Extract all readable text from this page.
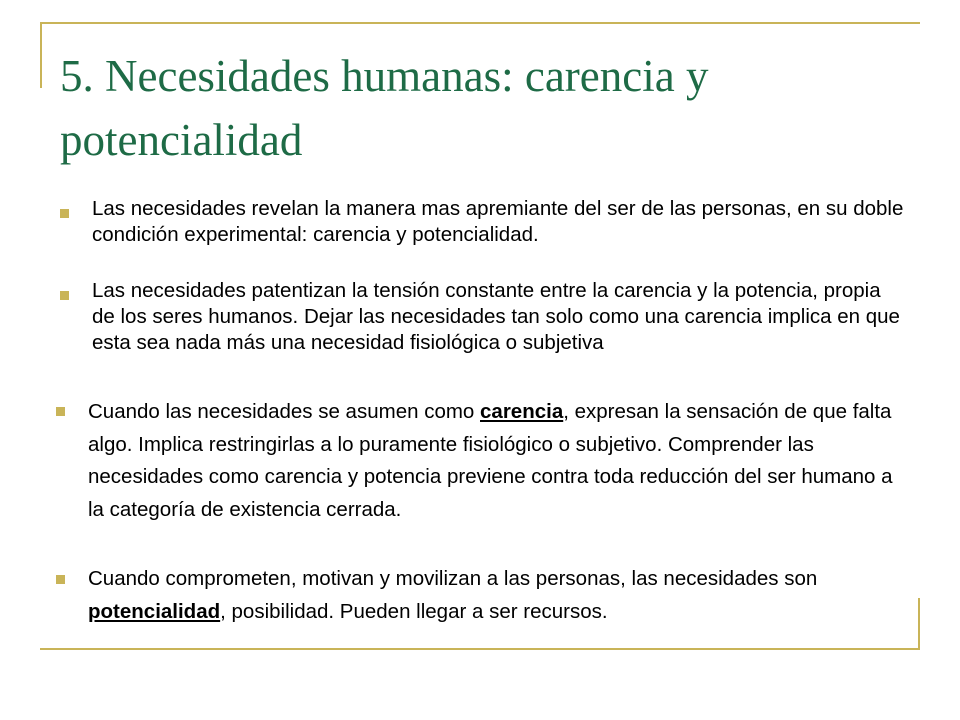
5. Necesidades humanas: carencia y potencialidad
Las necesidades revelan la manera mas apremiante del ser de las personas, en su doble condición experimental: carencia y potencialidad.
Las necesidades patentizan la tensión constante entre la carencia y la potencia, propia de los seres humanos. Dejar las necesidades tan solo como una carencia implica en que esta sea nada más una necesidad fisiológica o subjetiva
Cuando las necesidades se asumen como carencia, expresan la sensación de que falta algo. Implica restringirlas a lo puramente fisiológico o subjetivo. Comprender las necesidades como carencia y potencia previene contra toda reducción del ser humano a la categoría de existencia cerrada.
Cuando comprometen, motivan y movilizan a las personas, las necesidades son potencialidad, posibilidad. Pueden llegar a ser recursos.
